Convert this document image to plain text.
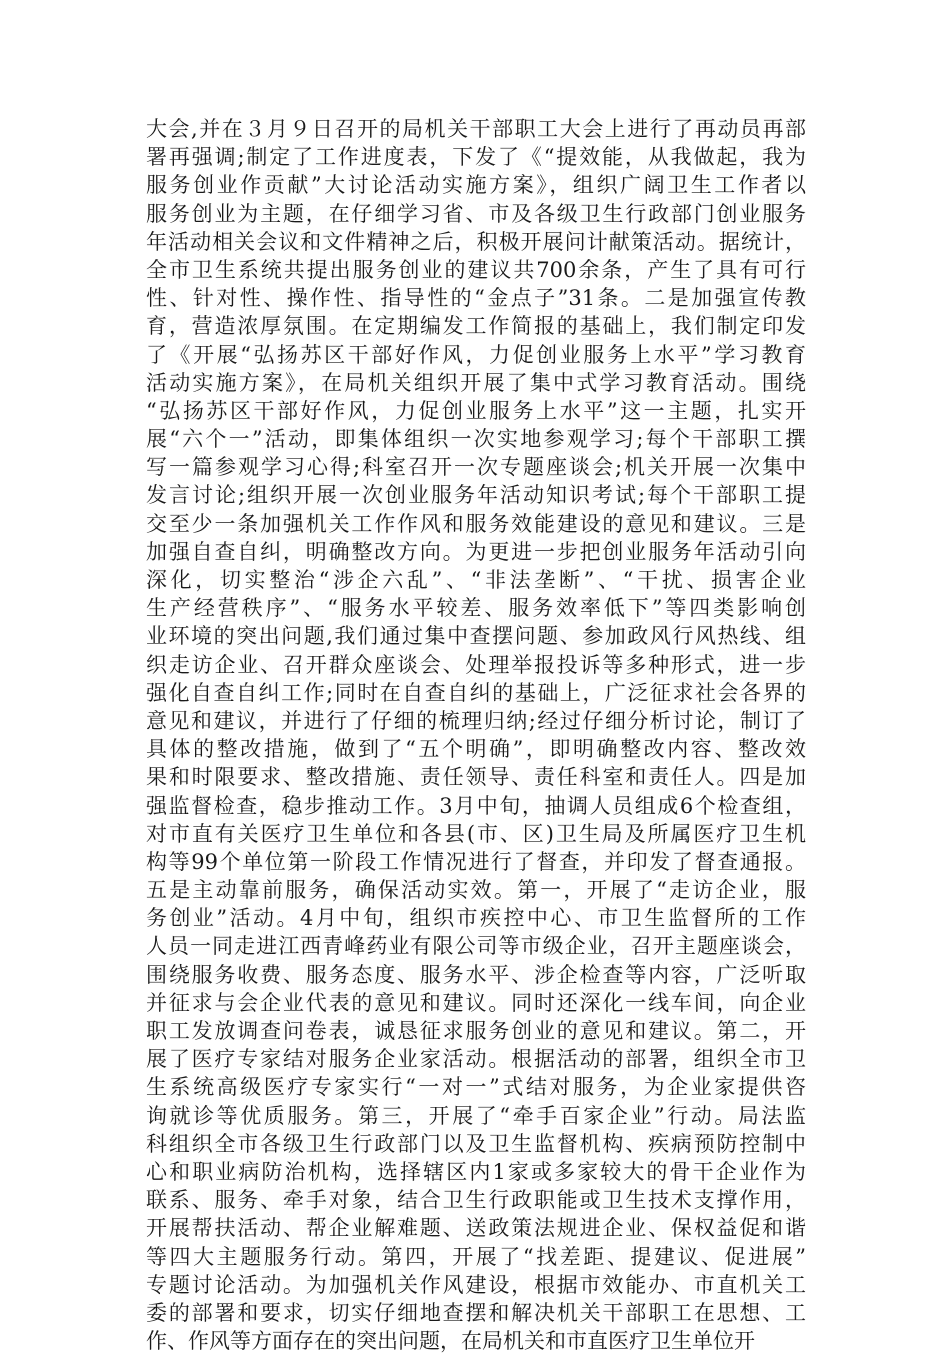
大会,并在３月９日召开的局机关干部职工大会上进行了再动员再部
署再强调;制定了工作进度表，下发了《“提效能，从我做起，我为
服务创业作贡献”大讨论活动实施方案》，组织广阔卫生工作者以
服务创业为主题，在仔细学习省、市及各级卫生行政部门创业服务
年活动相关会议和文件精神之后，积极开展问计献策活动。据统计，
全市卫生系统共提出服务创业的建议共700余条，产生了具有可行
性、针对性、操作性、指导性的“金点子”31条。二是加强宣传教
育，营造浓厚氛围。在定期编发工作简报的基础上，我们制定印发
了《开展“弘扬苏区干部好作风，力促创业服务上水平”学习教育
活动实施方案》，在局机关组织开展了集中式学习教育活动。围绕
“弘扬苏区干部好作风，力促创业服务上水平”这一主题，扎实开
展“六个一”活动，即集体组织一次实地参观学习;每个干部职工撰
写一篇参观学习心得;科室召开一次专题座谈会;机关开展一次集中
发言讨论;组织开展一次创业服务年活动知识考试;每个干部职工提
交至少一条加强机关工作作风和服务效能建设的意见和建议。三是
加强自查自纠，明确整改方向。为更进一步把创业服务年活动引向
深化，切实整治“涉企六乱”、“非法垄断”、“干扰、损害企业
生产经营秩序”、“服务水平较差、服务效率低下”等四类影响创
业环境的突出问题,我们通过集中查摆问题、参加政风行风热线、组
织走访企业、召开群众座谈会、处理举报投诉等多种形式，进一步
强化自查自纠工作;同时在自查自纠的基础上，广泛征求社会各界的
意见和建议，并进行了仔细的梳理归纳;经过仔细分析讨论，制订了
具体的整改措施，做到了“五个明确”，即明确整改内容、整改效
果和时限要求、整改措施、责任领导、责任科室和责任人。四是加
强监督检查，稳步推动工作。3月中旬，抽调人员组成6个检查组，
对市直有关医疗卫生单位和各县(市、区)卫生局及所属医疗卫生机
构等99个单位第一阶段工作情况进行了督查，并印发了督查通报。
五是主动靠前服务，确保活动实效。第一，开展了“走访企业，服
务创业”活动。4月中旬，组织市疾控中心、市卫生监督所的工作
人员一同走进江西青峰药业有限公司等市级企业，召开主题座谈会，
围绕服务收费、服务态度、服务水平、涉企检查等内容，广泛听取
并征求与会企业代表的意见和建议。同时还深化一线车间，向企业
职工发放调查问卷表，诚恳征求服务创业的意见和建议。第二，开
展了医疗专家结对服务企业家活动。根据活动的部署，组织全市卫
生系统高级医疗专家实行“一对一”式结对服务，为企业家提供咨
询就诊等优质服务。第三，开展了“牵手百家企业”行动。局法监
科组织全市各级卫生行政部门以及卫生监督机构、疾病预防控制中
心和职业病防治机构，选择辖区内1家或多家较大的骨干企业作为
联系、服务、牵手对象，结合卫生行政职能或卫生技术支撑作用，
开展帮扶活动、帮企业解难题、送政策法规进企业、保权益促和谐
等四大主题服务行动。第四，开展了“找差距、提建议、促进展”
专题讨论活动。为加强机关作风建设，根据市效能办、市直机关工
委的部署和要求，切实仔细地查摆和解决机关干部职工在思想、工
作、作风等方面存在的突出问题，在局机关和市直医疗卫生单位开
